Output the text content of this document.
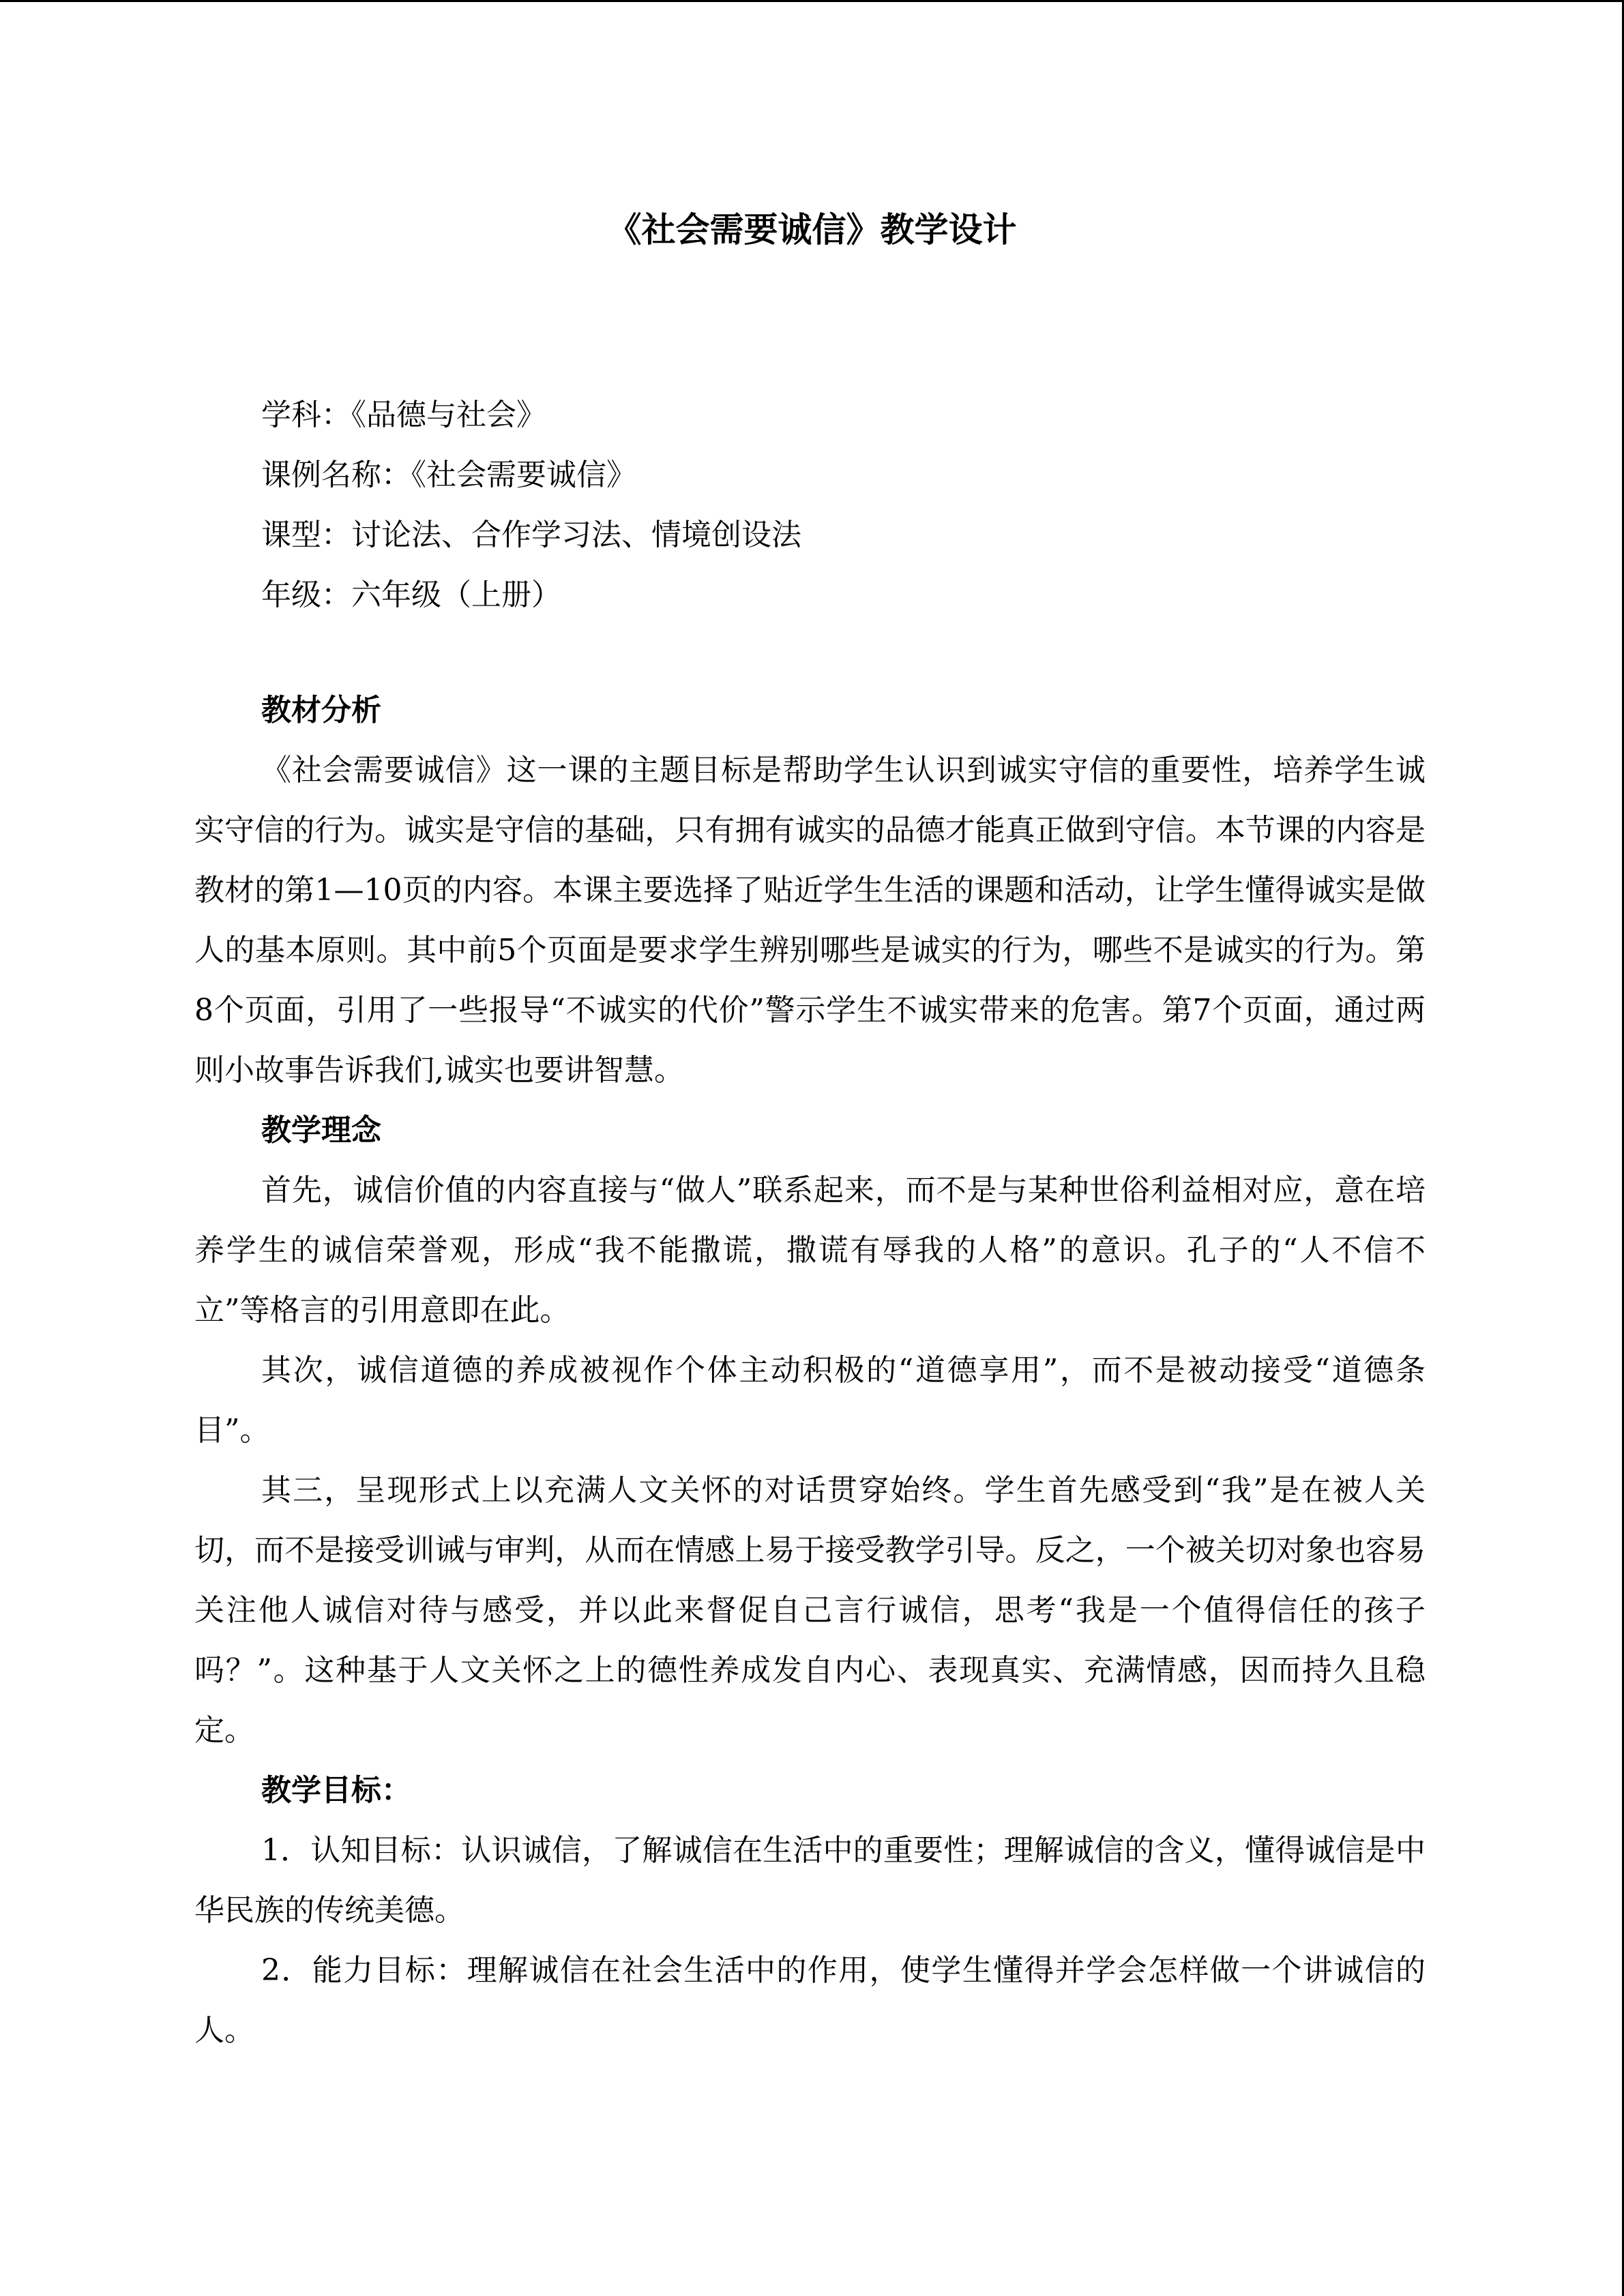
《社会需要诚信》教学设计
学科：《品德与社会》
课例名称：《社会需要诚信》
课型：讨论法、合作学习法、情境创设法
年级：六年级（上册）
教材分析

《社会需要诚信》这一课的主题目标是帮助学生认识到诚实守信的重要性，培养学生诚实守信的行为。诚实是守信的基础，只有拥有诚实的品德才能真正做到守信。本节课的内容是教材的第1—10页的内容。本课主要选择了贴近学生生活的课题和活动，让学生懂得诚实是做人的基本原则。其中前5个页面是要求学生辨别哪些是诚实的行为，哪些不是诚实的行为。第8个页面，引用了一些报导“不诚实的代价”警示学生不诚实带来的危害。第7个页面，通过两则小故事告诉我们,诚实也要讲智慧。

教学理念

首先，诚信价值的内容直接与“做人”联系起来，而不是与某种世俗利益相对应，意在培养学生的诚信荣誉观，形成“我不能撒谎，撒谎有辱我的人格”的意识。孔子的“人不信不立”等格言的引用意即在此。

其次，诚信道德的养成被视作个体主动积极的“道德享用”，而不是被动接受“道德条目”。

其三，呈现形式上以充满人文关怀的对话贯穿始终。学生首先感受到“我”是在被人关切，而不是接受训诫与审判，从而在情感上易于接受教学引导。反之，一个被关切对象也容易关注他人诚信对待与感受，并以此来督促自己言行诚信，思考“我是一个值得信任的孩子吗？”。这种基于人文关怀之上的德性养成发自内心、表现真实、充满情感，因而持久且稳定。

教学目标：

1．认知目标：认识诚信，了解诚信在生活中的重要性；理解诚信的含义，懂得诚信是中华民族的传统美德。

2．能力目标：理解诚信在社会生活中的作用，使学生懂得并学会怎样做一个讲诚信的人。
